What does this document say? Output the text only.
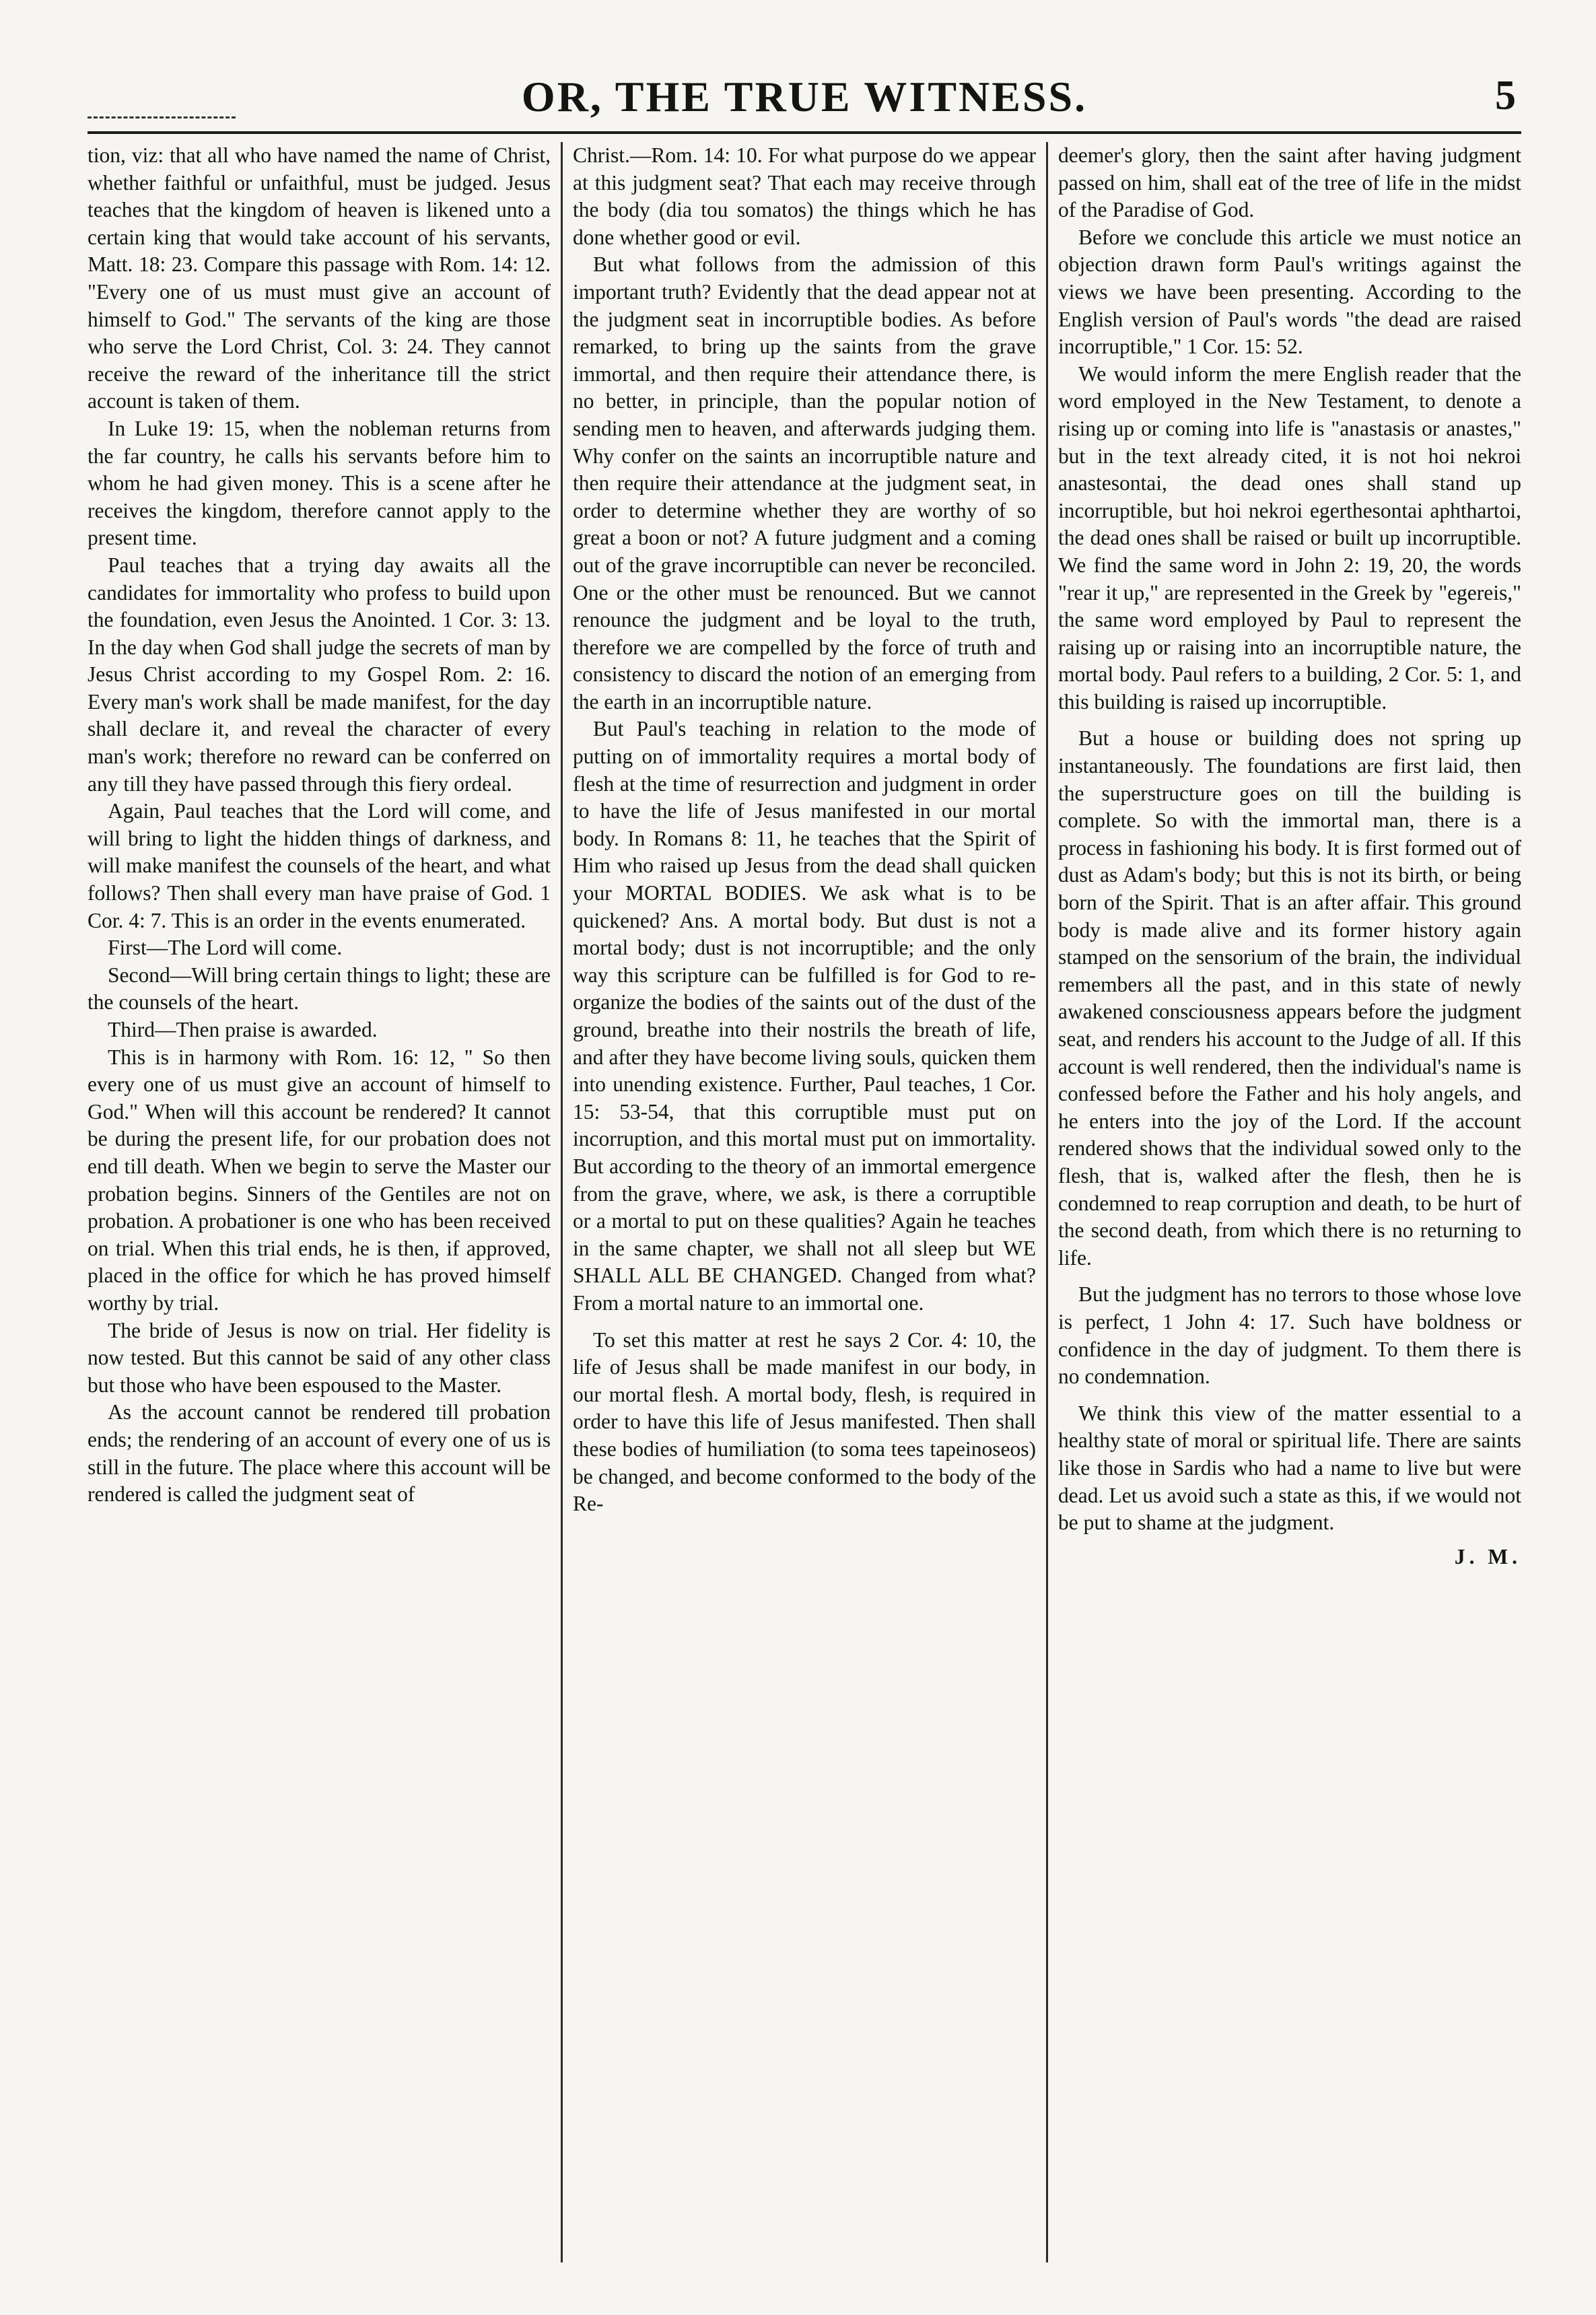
OR, THE TRUE WITNESS.	5

tion, viz: that all who have named the name of Christ, whether faithful or unfaithful, must be judged. Jesus teaches that the kingdom of heaven is likened unto a certain king that would take account of his servants, Matt. 18: 23. Compare this passage with Rom. 14: 12. "Every one of us must must give an account of himself to God." The servants of the king are those who serve the Lord Christ, Col. 3: 24. They cannot receive the reward of the inheritance till the strict account is taken of them.

In Luke 19: 15, when the nobleman returns from the far country, he calls his servants before him to whom he had given money. This is a scene after he receives the kingdom, therefore cannot apply to the present time.

Paul teaches that a trying day awaits all the candidates for immortality who profess to build upon the foundation, even Jesus the Anointed. 1 Cor. 3: 13. In the day when God shall judge the secrets of man by Jesus Christ according to my Gospel Rom. 2: 16. Every man's work shall be made manifest, for the day shall declare it, and reveal the character of every man's work; therefore no reward can be conferred on any till they have passed through this fiery ordeal.

Again, Paul teaches that the Lord will come, and will bring to light the hidden things of darkness, and will make manifest the counsels of the heart, and what follows? Then shall every man have praise of God. 1 Cor. 4: 7. This is an order in the events enumerated.

First—The Lord will come.

Second—Will bring certain things to light; these are the counsels of the heart.

Third—Then praise is awarded.

This is in harmony with Rom. 16: 12, " So then every one of us must give an account of himself to God." When will this account be rendered? It cannot be during the present life, for our probation does not end till death. When we begin to serve the Master our probation begins. Sinners of the Gentiles are not on probation. A probationer is one who has been received on trial. When this trial ends, he is then, if approved, placed in the office for which he has proved himself worthy by trial.

The bride of Jesus is now on trial. Her fidelity is now tested. But this cannot be said of any other class but those who have been espoused to the Master.

As the account cannot be rendered till probation ends; the rendering of an account of every one of us is still in the future. The place where this account will be rendered is called the judgment seat of

Christ.—Rom. 14: 10. For what purpose do we appear at this judgment seat? That each may receive through the body (dia tou somatos) the things which he has done whether good or evil.

But what follows from the admission of this important truth? Evidently that the dead appear not at the judgment seat in incorruptible bodies. As before remarked, to bring up the saints from the grave immortal, and then require their attendance there, is no better, in principle, than the popular notion of sending men to heaven, and afterwards judging them. Why confer on the saints an incorruptible nature and then require their attendance at the judgment seat, in order to determine whether they are worthy of so great a boon or not? A future judgment and a coming out of the grave incorruptible can never be reconciled. One or the other must be renounced. But we cannot renounce the judgment and be loyal to the truth, therefore we are compelled by the force of truth and consistency to discard the notion of an emerging from the earth in an incorruptible nature.

But Paul's teaching in relation to the mode of putting on of immortality requires a mortal body of flesh at the time of resurrection and judgment in order to have the life of Jesus manifested in our mortal body. In Romans 8: 11, he teaches that the Spirit of Him who raised up Jesus from the dead shall quicken your MORTAL BODIES. We ask what is to be quickened? Ans. A mortal body. But dust is not a mortal body; dust is not incorruptible; and the only way this scripture can be fulfilled is for God to re-organize the bodies of the saints out of the dust of the ground, breathe into their nostrils the breath of life, and after they have become living souls, quicken them into unending existence. Further, Paul teaches, 1 Cor. 15: 53-54, that this corruptible must put on incorruption, and this mortal must put on immortality. But according to the theory of an immortal emergence from the grave, where, we ask, is there a corruptible or a mortal to put on these qualities? Again he teaches in the same chapter, we shall not all sleep but WE SHALL ALL BE CHANGED. Changed from what? From a mortal nature to an immortal one.

To set this matter at rest he says 2 Cor. 4: 10, the life of Jesus shall be made manifest in our body, in our mortal flesh. A mortal body, flesh, is required in order to have this life of Jesus manifested. Then shall these bodies of humiliation (to soma tees tapeinoseos) be changed, and become conformed to the body of the Re-

deemer's glory, then the saint after having judgment passed on him, shall eat of the tree of life in the midst of the Paradise of God.

Before we conclude this article we must notice an objection drawn form Paul's writings against the views we have been presenting. According to the English version of Paul's words "the dead are raised incorruptible," 1 Cor. 15: 52.

We would inform the mere English reader that the word employed in the New Testament, to denote a rising up or coming into life is "anastasis or anastes," but in the text already cited, it is not hoi nekroi anastesontai, the dead ones shall stand up incorruptible, but hoi nekroi egerthesontai aphthartoi, the dead ones shall be raised or built up incorruptible. We find the same word in John 2: 19, 20, the words "rear it up," are represented in the Greek by "egereis," the same word employed by Paul to represent the raising up or raising into an incorruptible nature, the mortal body. Paul refers to a building, 2 Cor. 5: 1, and this building is raised up incorruptible.

But a house or building does not spring up instantaneously. The foundations are first laid, then the superstructure goes on till the building is complete. So with the immortal man, there is a process in fashioning his body. It is first formed out of dust as Adam's body; but this is not its birth, or being born of the Spirit. That is an after affair. This ground body is made alive and its former history again stamped on the sensorium of the brain, the individual remembers all the past, and in this state of newly awakened consciousness appears before the judgment seat, and renders his account to the Judge of all. If this account is well rendered, then the individual's name is confessed before the Father and his holy angels, and he enters into the joy of the Lord. If the account rendered shows that the individual sowed only to the flesh, that is, walked after the flesh, then he is condemned to reap corruption and death, to be hurt of the second death, from which there is no returning to life.

But the judgment has no terrors to those whose love is perfect, 1 John 4: 17. Such have boldness or confidence in the day of judgment. To them there is no condemnation.

We think this view of the matter essential to a healthy state of moral or spiritual life. There are saints like those in Sardis who had a name to live but were dead. Let us avoid such a state as this, if we would not be put to shame at the judgment.

J. M.
